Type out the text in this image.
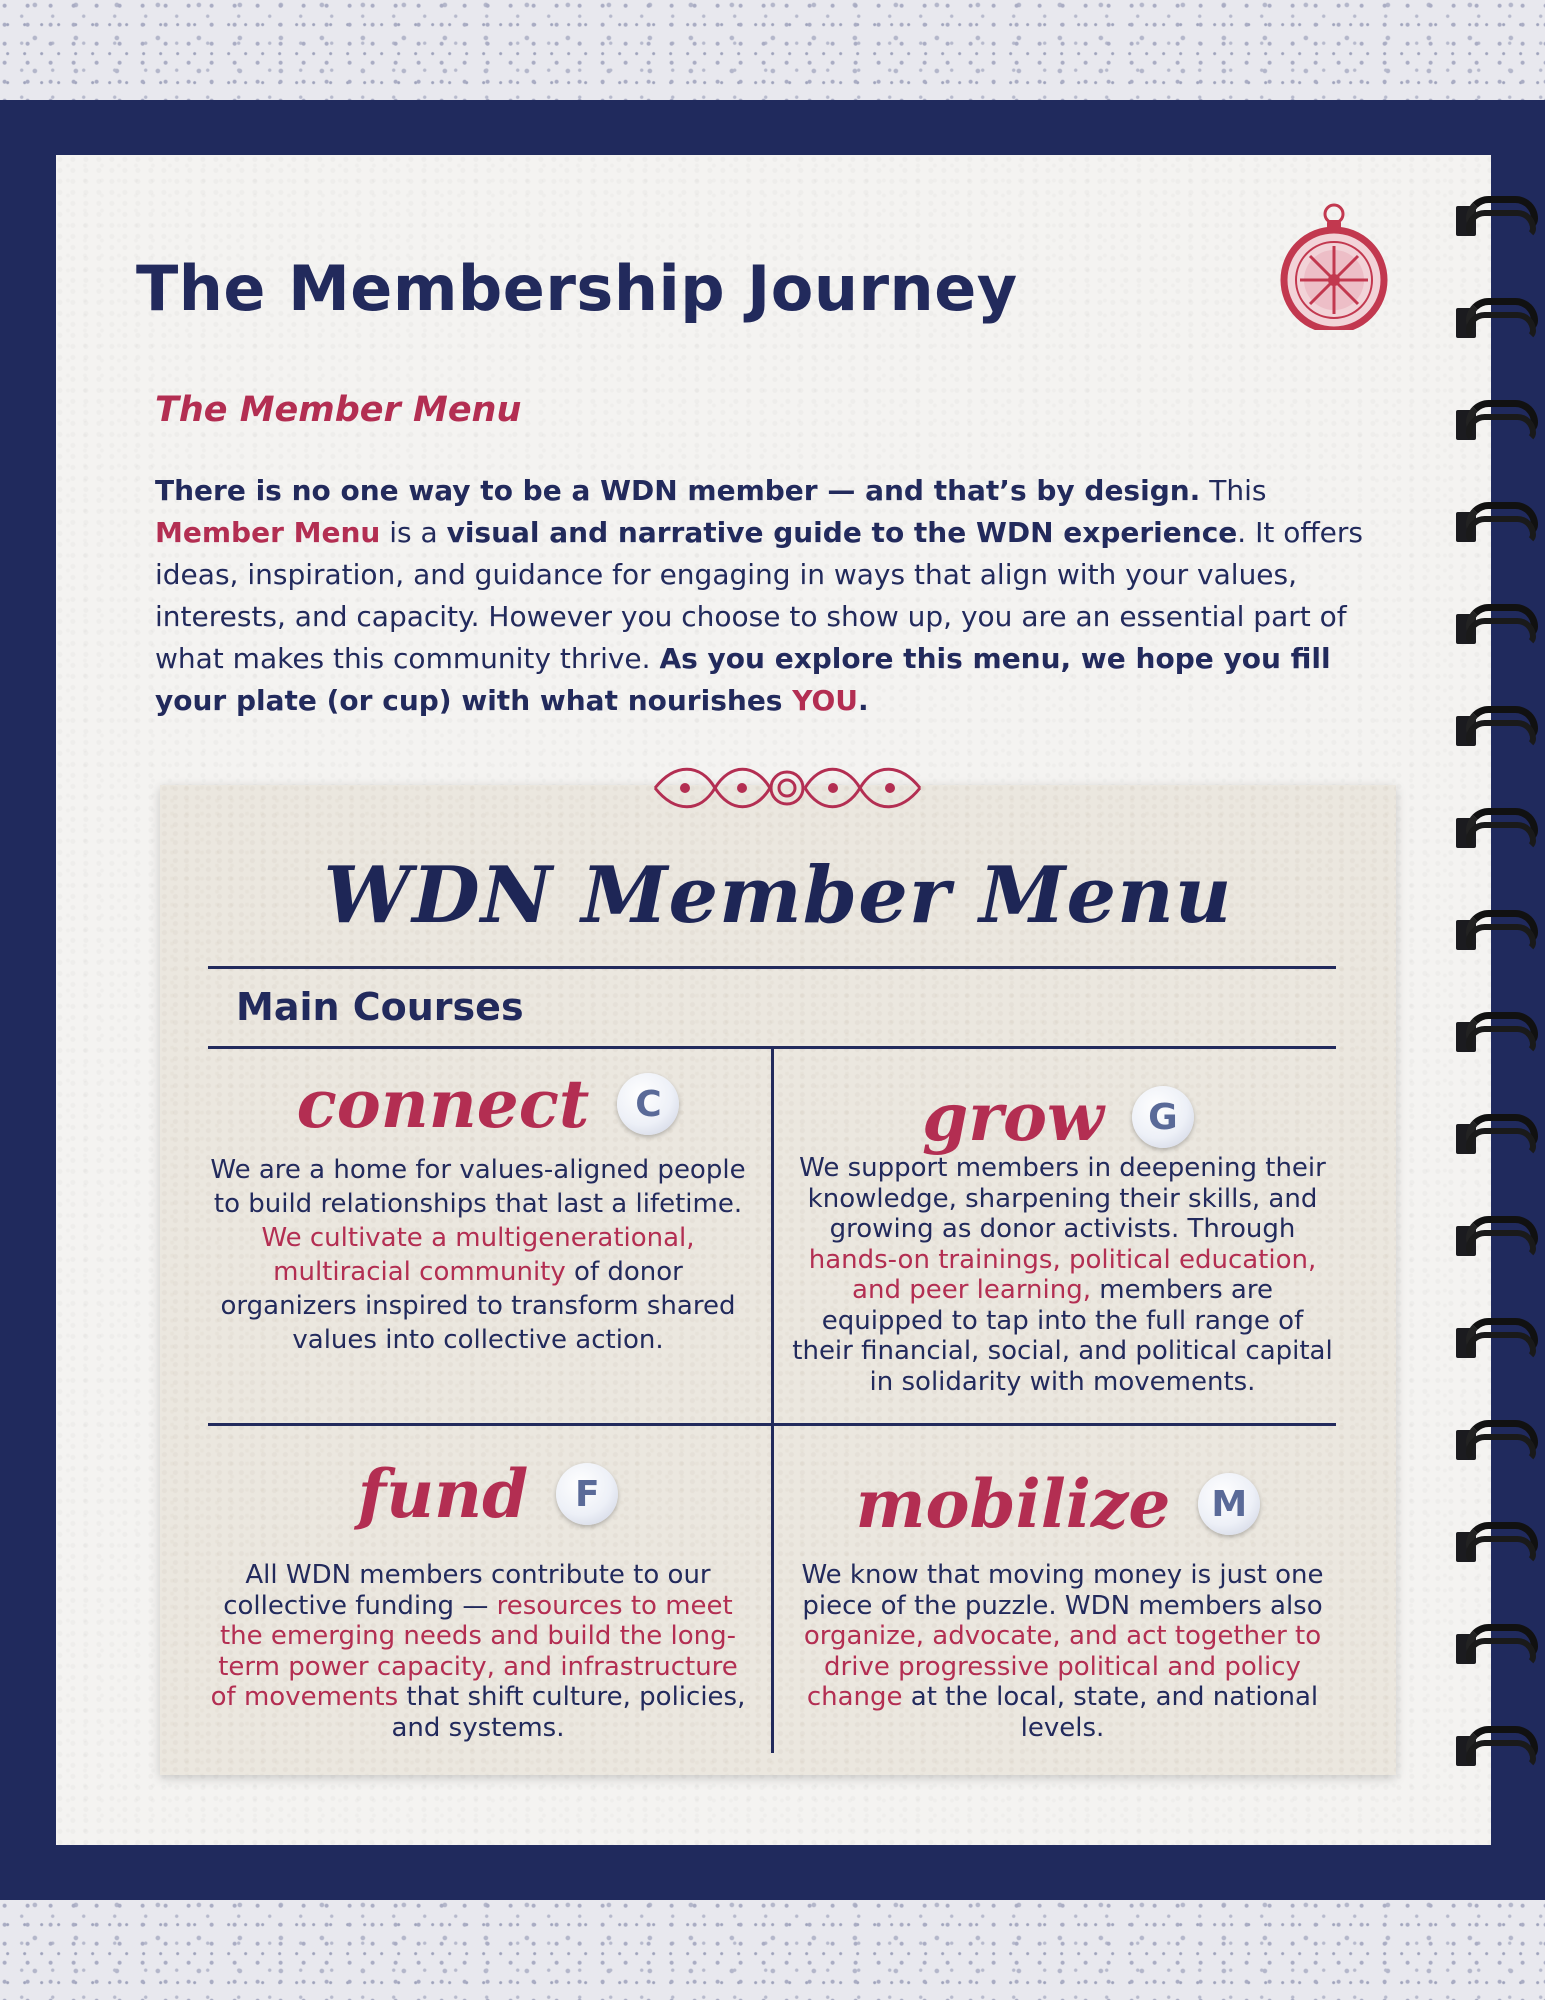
The Membership Journey
The Member Menu

There is no one way to be a WDN member — and that’s by design. This Member Menu is a visual and narrative guide to the WDN experience. It offers ideas, inspiration, and guidance for engaging in ways that align with your values, interests, and capacity. However you choose to show up, you are an essential part of what makes this community thrive. As you explore this menu, we hope you fill your plate (or cup) with what nourishes YOU.

WDN Member Menu
Main Courses
connect	C

We are a home for values-aligned people to build relationships that last a lifetime. We cultivate a multigenerational, multiracial community of donor organizers inspired to transform shared values into collective action.

grow	G

We support members in deepening their knowledge, sharpening their skills, and growing as donor activists. Through hands-on trainings, political education, and peer learning, members are equipped to tap into the full range of their financial, social, and political capital in solidarity with movements.

fund	F

All WDN members contribute to our collective funding — resources to meet the emerging needs and build the long-term power capacity, and infrastructure of movements that shift culture, policies, and systems.

mobilize	M

We know that moving money is just one piece of the puzzle. WDN members also organize, advocate, and act together to drive progressive political and policy change at the local, state, and national levels.
